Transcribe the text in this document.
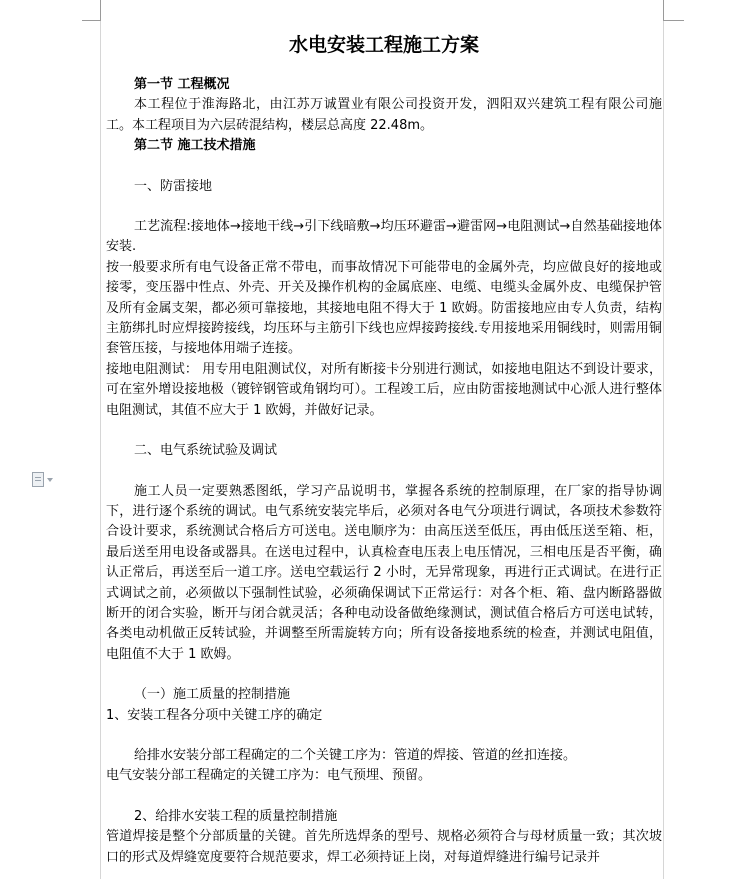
水电安装工程施工方案
第一节 工程概况

本工程位于淮海路北，由江苏万诚置业有限公司投资开发，泗阳双兴建筑工程有限公司施工。本工程项目为六层砖混结构，楼层总高度 22.48m。

第二节 施工技术措施

一、防雷接地

工艺流程:接地体→接地干线→引下线暗敷→均压环避雷→避雷网→电阻测试→自然基础接地体安装.

按一般要求所有电气设备正常不带电，而事故情况下可能带电的金属外壳，均应做良好的接地或接零，变压器中性点、外壳、开关及操作机构的金属底座、电缆、电缆头金属外皮、电缆保护管及所有金属支架，都必须可靠接地，其接地电阻不得大于 1 欧姆。防雷接地应由专人负责，结构主筋绑扎时应焊接跨接线，均压环与主筋引下线也应焊接跨接线.专用接地采用铜线时，则需用铜套管压接，与接地体用端子连接。

接地电阻测试： 用专用电阻测试仪，对所有断接卡分别进行测试，如接地电阻达不到设计要求，可在室外增设接地极（镀锌钢管或角钢均可）。工程竣工后，应由防雷接地测试中心派人进行整体电阻测试，其值不应大于 1 欧姆，并做好记录。

二、电气系统试验及调试

施工人员一定要熟悉图纸，学习产品说明书，掌握各系统的控制原理，在厂家的指导协调下，进行逐个系统的调试。电气系统安装完毕后，必须对各电气分项进行调试，各项技术参数符合设计要求，系统测试合格后方可送电。送电顺序为：由高压送至低压，再由低压送至箱、柜，最后送至用电设备或器具。在送电过程中，认真检查电压表上电压情况，三相电压是否平衡，确认正常后，再送至后一道工序。送电空载运行 2 小时，无异常现象，再进行正式调试。在进行正式调试之前，必须做以下强制性试验，必须确保调试下正常运行：对各个柜、箱、盘内断路器做断开的闭合实验，断开与闭合就灵活；各种电动设备做绝缘测试，测试值合格后方可送电试转，各类电动机做正反转试验，并调整至所需旋转方向；所有设备接地系统的检查，并测试电阻值，电阻值不大于 1 欧姆。

（一）施工质量的控制措施

1、安装工程各分项中关键工序的确定

给排水安装分部工程确定的二个关键工序为：管道的焊接、管道的丝扣连接。

电气安装分部工程确定的关键工序为：电气预埋、预留。

2、给排水安装工程的质量控制措施

管道焊接是整个分部质量的关键。首先所选焊条的型号、规格必须符合与母材质量一致；其次坡口的形式及焊缝宽度要符合规范要求，焊工必须持证上岗，对每道焊缝进行编号记录并
